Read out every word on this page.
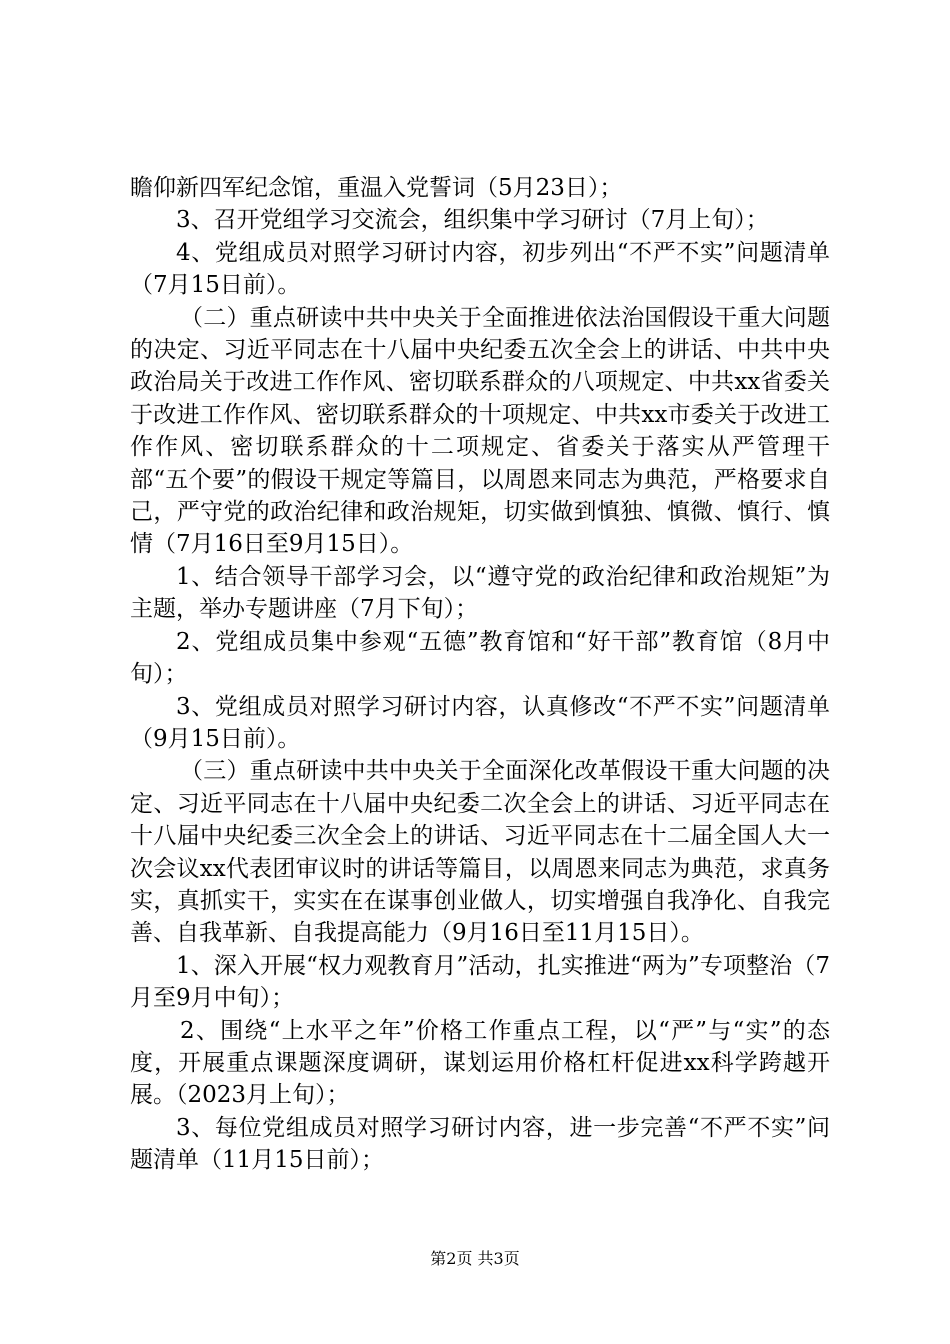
瞻仰新四军纪念馆，重温入党誓词（5月23日）；

3、召开党组学习交流会，组织集中学习研讨（7月上旬）；

4、党组成员对照学习研讨内容，初步列出“不严不实”问题清单（7月15日前）。

（二）重点研读中共中央关于全面推进依法治国假设干重大问题的决定、习近平同志在十八届中央纪委五次全会上的讲话、中共中央政治局关于改进工作作风、密切联系群众的八项规定、中共xx省委关于改进工作作风、密切联系群众的十项规定、中共xx市委关于改进工作作风、密切联系群众的十二项规定、省委关于落实从严管理干部“五个要”的假设干规定等篇目，以周恩来同志为典范，严格要求自己，严守党的政治纪律和政治规矩，切实做到慎独、慎微、慎行、慎情（7月16日至9月15日）。

1、结合领导干部学习会，以“遵守党的政治纪律和政治规矩”为主题，举办专题讲座（7月下旬）；

2、党组成员集中参观“五德”教育馆和“好干部”教育馆（8月中旬）；

3、党组成员对照学习研讨内容，认真修改“不严不实”问题清单（9月15日前）。

（三）重点研读中共中央关于全面深化改革假设干重大问题的决定、习近平同志在十八届中央纪委二次全会上的讲话、习近平同志在十八届中央纪委三次全会上的讲话、习近平同志在十二届全国人大一次会议xx代表团审议时的讲话等篇目，以周恩来同志为典范，求真务实，真抓实干，实实在在谋事创业做人，切实增强自我净化、自我完善、自我革新、自我提高能力（9月16日至11月15日）。

1、深入开展“权力观教育月”活动，扎实推进“两为”专项整治（7月至9月中旬）；

2、围绕“上水平之年”价格工作重点工程，以“严”与“实”的态度，开展重点课题深度调研，谋划运用价格杠杆促进xx科学跨越开展。（2023月上旬）；

3、每位党组成员对照学习研讨内容，进一步完善“不严不实”问题清单（11月15日前）；

第2页 共3页
